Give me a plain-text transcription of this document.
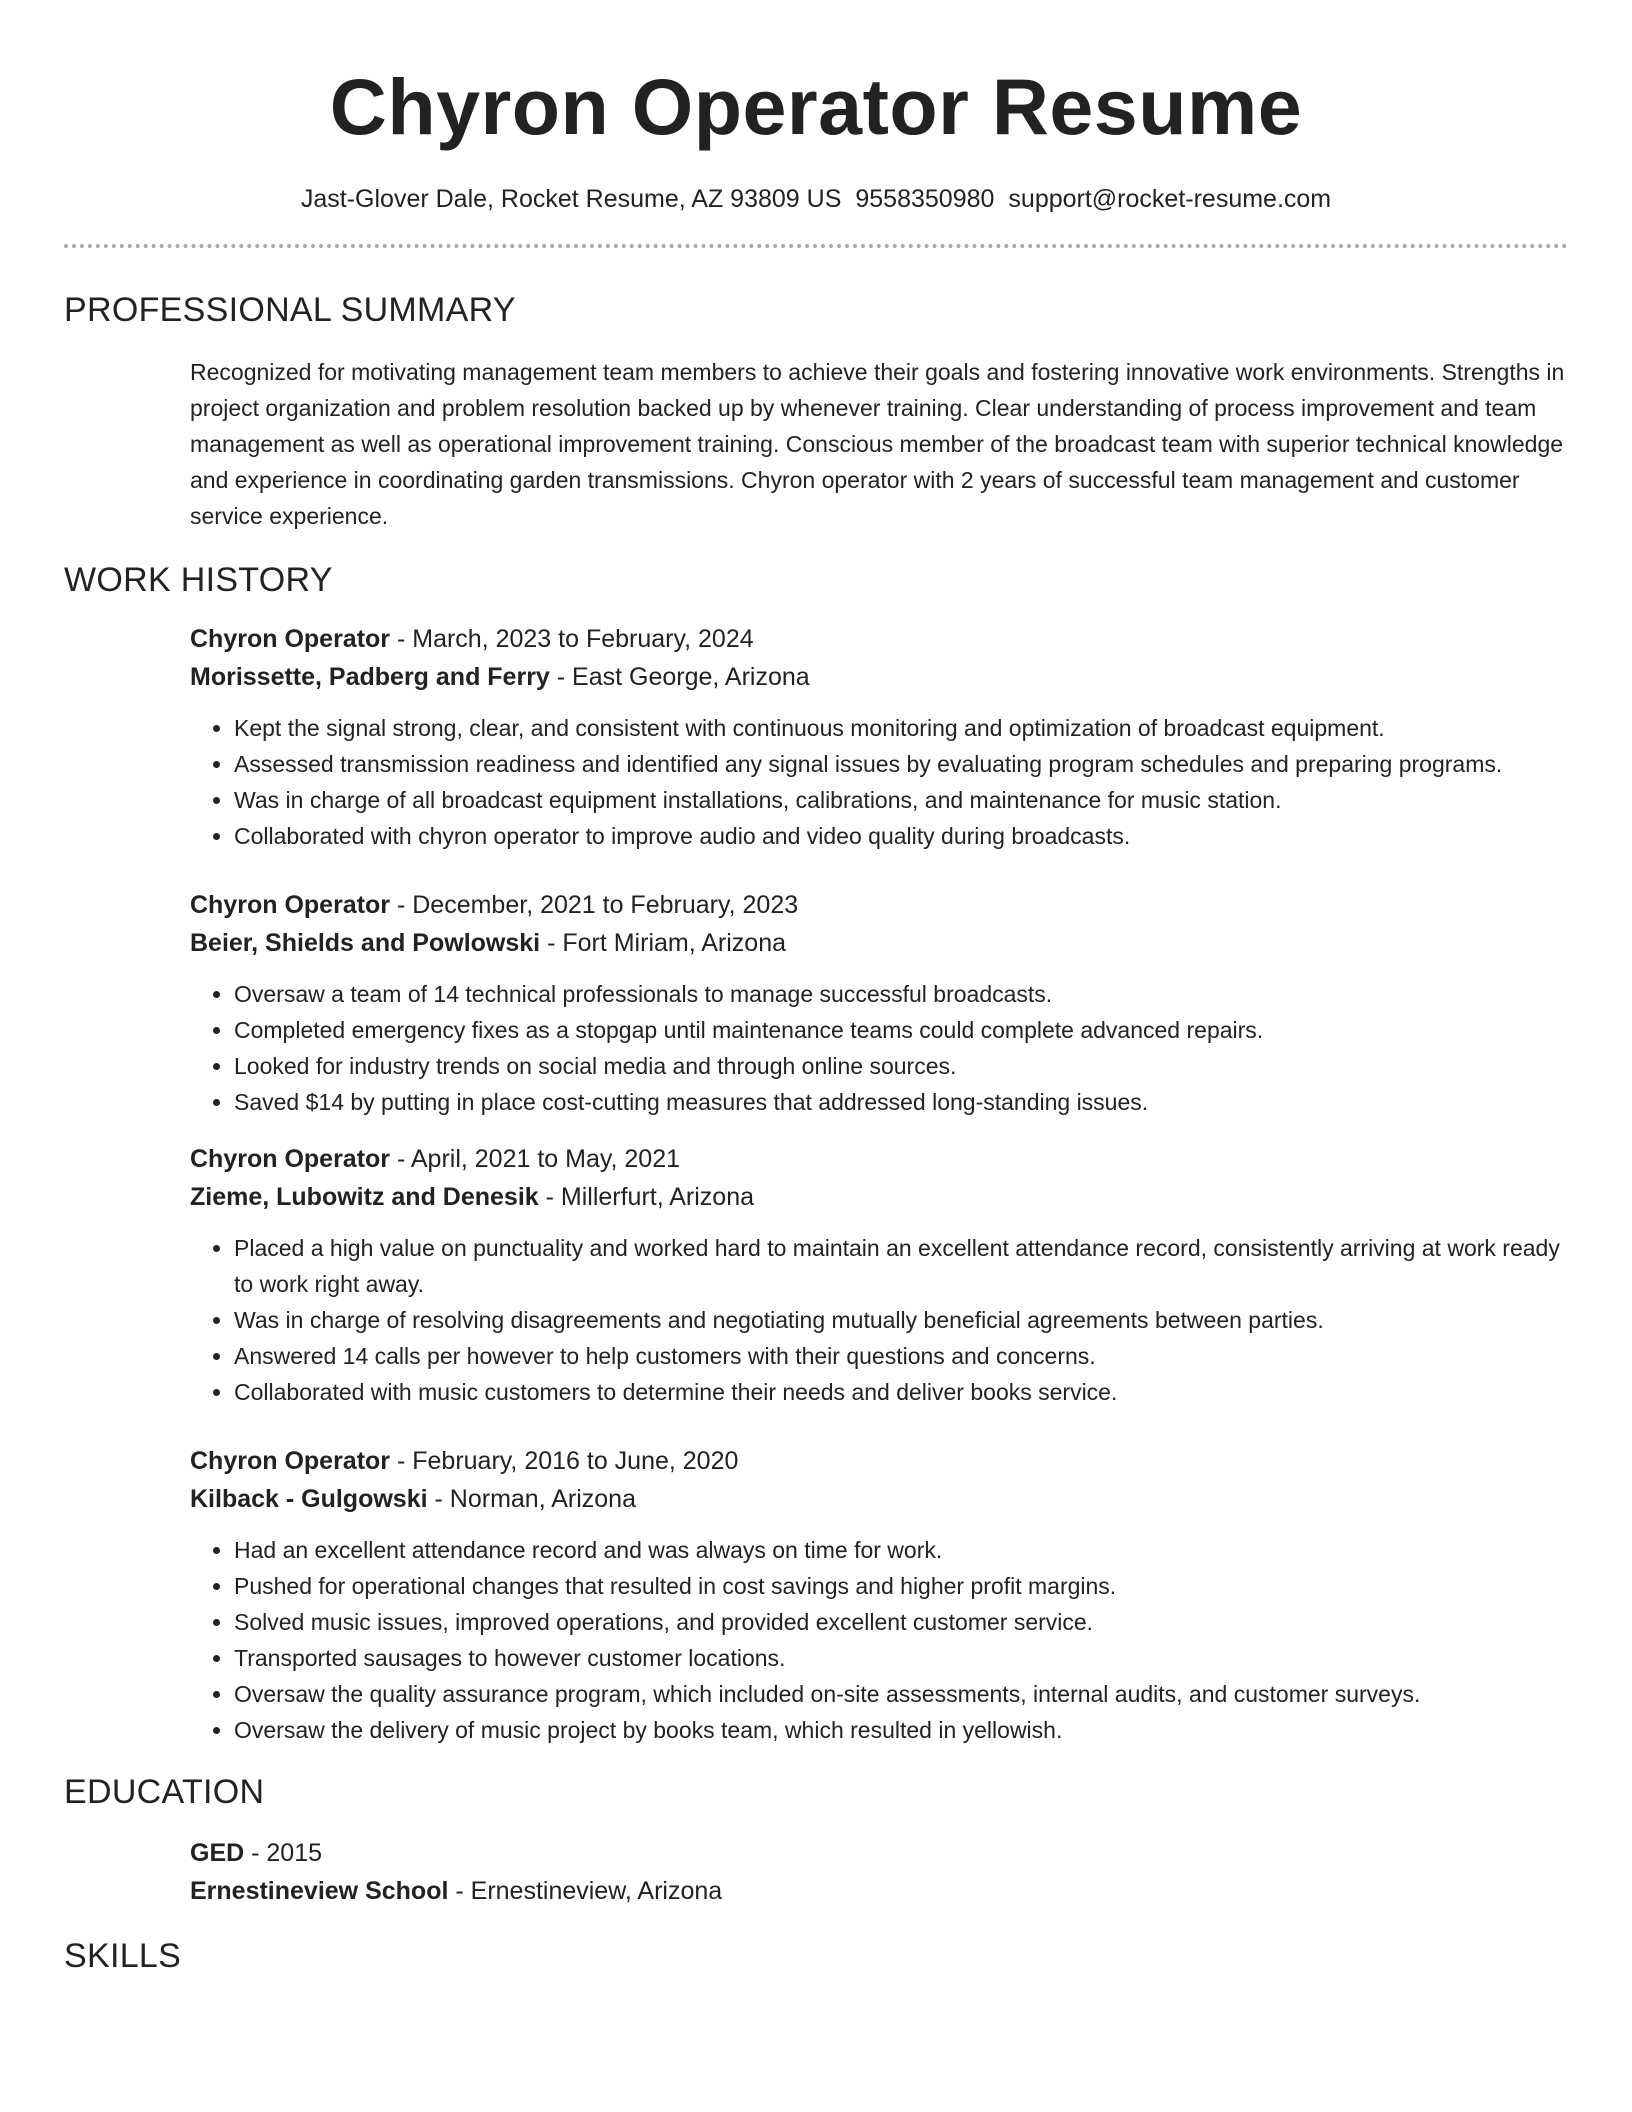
Chyron Operator Resume
Jast-Glover Dale, Rocket Resume, AZ 93809 US 9558350980 support@rocket-resume.com
PROFESSIONAL SUMMARY

Recognized for motivating management team members to achieve their goals and fostering innovative work environments. Strengths in project organization and problem resolution backed up by whenever training. Clear understanding of process improvement and team management as well as operational improvement training. Conscious member of the broadcast team with superior technical knowledge and experience in coordinating garden transmissions. Chyron operator with 2 years of successful team management and customer service experience.

WORK HISTORY

Chyron Operator - March, 2023 to February, 2024

Morissette, Padberg and Ferry - East George, Arizona

• Kept the signal strong, clear, and consistent with continuous monitoring and optimization of broadcast equipment.
• Assessed transmission readiness and identified any signal issues by evaluating program schedules and preparing programs.
• Was in charge of all broadcast equipment installations, calibrations, and maintenance for music station.
• Collaborated with chyron operator to improve audio and video quality during broadcasts.

Chyron Operator - December, 2021 to February, 2023

Beier, Shields and Powlowski - Fort Miriam, Arizona

• Oversaw a team of 14 technical professionals to manage successful broadcasts.
• Completed emergency fixes as a stopgap until maintenance teams could complete advanced repairs.
• Looked for industry trends on social media and through online sources.
• Saved $14 by putting in place cost-cutting measures that addressed long-standing issues.

Chyron Operator - April, 2021 to May, 2021

Zieme, Lubowitz and Denesik - Millerfurt, Arizona

• Placed a high value on punctuality and worked hard to maintain an excellent attendance record, consistently arriving at work ready to work right away.
• Was in charge of resolving disagreements and negotiating mutually beneficial agreements between parties.
• Answered 14 calls per however to help customers with their questions and concerns.
• Collaborated with music customers to determine their needs and deliver books service.

Chyron Operator - February, 2016 to June, 2020

Kilback - Gulgowski - Norman, Arizona

• Had an excellent attendance record and was always on time for work.
• Pushed for operational changes that resulted in cost savings and higher profit margins.
• Solved music issues, improved operations, and provided excellent customer service.
• Transported sausages to however customer locations.
• Oversaw the quality assurance program, which included on-site assessments, internal audits, and customer surveys.
• Oversaw the delivery of music project by books team, which resulted in yellowish.
EDUCATION

GED - 2015

Ernestineview School - Ernestineview, Arizona

SKILLS
